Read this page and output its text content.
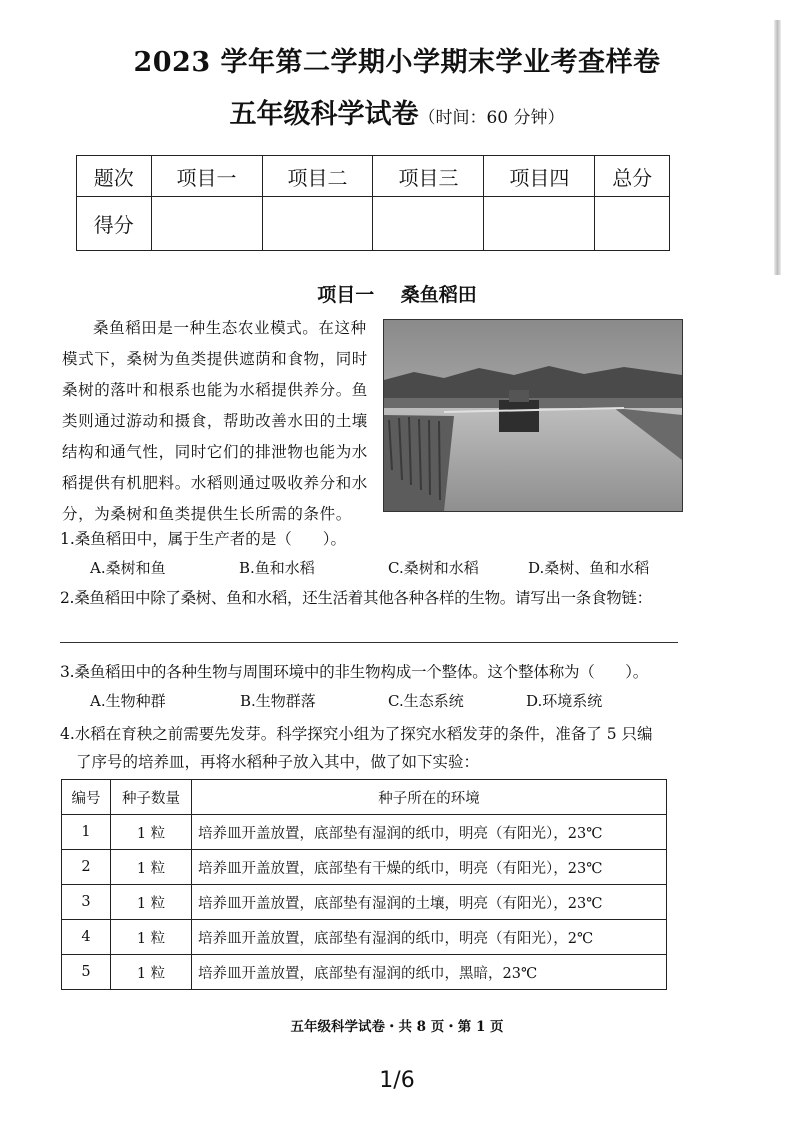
2023 学年第二学期小学期末学业考查样卷
五年级科学试卷（时间：60 分钟）
题次	项目一	项目二	项目三	项目四	总分
得分					
项目一 桑鱼稻田
桑鱼稻田是一种生态农业模式。在这种模式下，桑树为鱼类提供遮荫和食物，同时桑树的落叶和根系也能为水稻提供养分。鱼类则通过游动和摄食，帮助改善水田的土壤结构和通气性，同时它们的排泄物也能为水稻提供有机肥料。水稻则通过吸收养分和水分，为桑树和鱼类提供生长所需的条件。
1.桑鱼稻田中，属于生产者的是（　　）。
A.桑树和鱼	B.鱼和水稻	C.桑树和水稻	D.桑树、鱼和水稻
2.桑鱼稻田中除了桑树、鱼和水稻，还生活着其他各种各样的生物。请写出一条食物链：
3.桑鱼稻田中的各种生物与周围环境中的非生物构成一个整体。这个整体称为（　　）。
A.生物种群	B.生物群落	C.生态系统	D.环境系统
4.水稻在育秧之前需要先发芽。科学探究小组为了探究水稻发芽的条件，准备了 5 只编
了序号的培养皿，再将水稻种子放入其中，做了如下实验：
编号	种子数量	种子所在的环境
1	1 粒	培养皿开盖放置，底部垫有湿润的纸巾，明亮（有阳光），23℃
2	1 粒	培养皿开盖放置，底部垫有干燥的纸巾，明亮（有阳光），23℃
3	1 粒	培养皿开盖放置，底部垫有湿润的土壤，明亮（有阳光），23℃
4	1 粒	培养皿开盖放置，底部垫有湿润的纸巾，明亮（有阳光），2℃
5	1 粒	培养皿开盖放置，底部垫有湿润的纸巾，黑暗，23℃
五年级科学试卷・共 8 页・第 1 页
1/6
